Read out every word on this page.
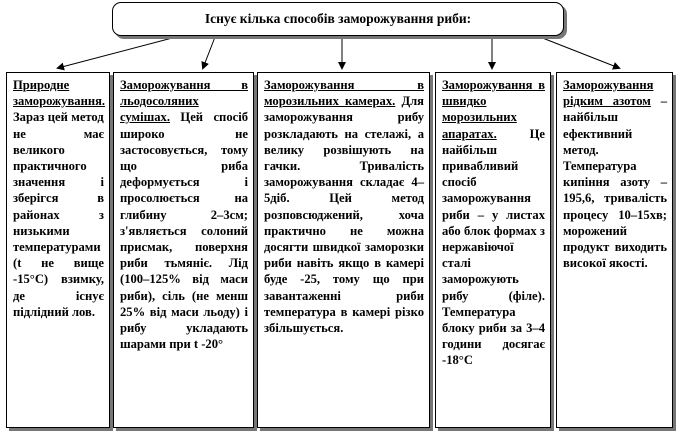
Існує кілька способів заморожування риби:
Природне заморожування. Зараз цей метод не має великого практичного значення і зберігся в районах з низькими температурами (t не вище -15°С) взимку, де існує підлідний лов.
Заморожування в льодосоляних сумішах. Цей спосіб широко не застосовується, тому що риба деформується і просолюється на глибину 2–3см; з'являється солоний присмак, поверхня риби тьмяніє. Лід (100–125% від маси риби), сіль (не менш 25% від маси льоду) і рибу укладають шарами при t -20°
Заморожування в морозильних камерах. Для заморожування рибу розкладають на стелажі, а велику розвішують на гачки. Тривалість заморожування складає 4–5діб. Цей метод розповсюджений, хоча практично не можна досягти швидкої заморозки риби навіть якщо в камері буде -25, тому що при завантаженні риби температура в камері різко збільшується.
Заморожування в швидко морозильних апаратах. Це найбільш привабливий спосіб заморожування риби – у листах або блок формах з нержавіючої сталі заморожують рибу (філе). Температура блоку риби за 3–4 години досягає -18°С
Заморожування рідким азотом – найбільш ефективний метод. Температура кипіння азоту – 195,6, тривалість процесу 10–15хв; морожений продукт виходить високої якості.
